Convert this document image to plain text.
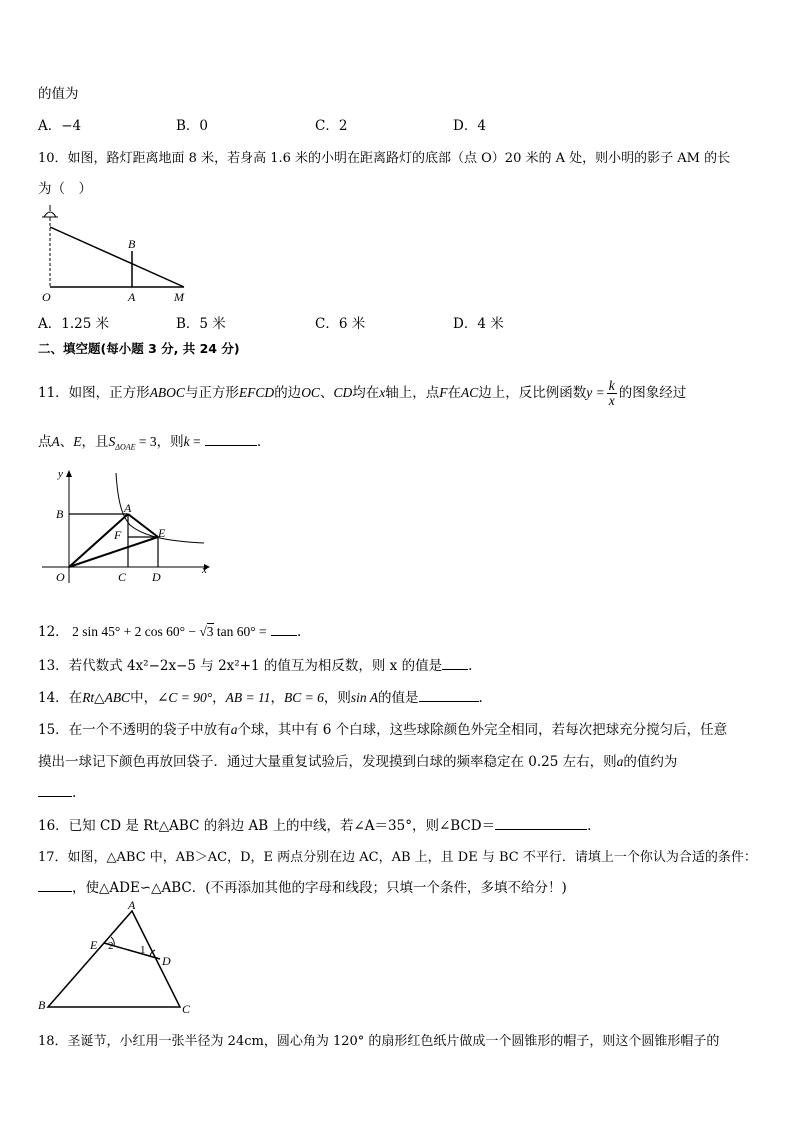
的值为
A．−4	B．0	C．2	D．4
10．如图，路灯距离地面 8 米，若身高 1.6 米的小明在距离路灯的底部（点 O）20 米的 A 处，则小明的影子 AM 的长
为（　）
O	A	M
B
A．1.25 米	B．5 米	C．6 米	D．4 米
二、填空题(每小题 3 分, 共 24 分)
11．如图，正方形ABOC与正方形EFCD的边OC、CD均在x轴上，点F在AC边上，反比例函数$y = \frac{k}{x}$ 的图象经过
点A、E，且$S_{\Delta OAE} = 3$，则k =	.
y
x
B	A
F	E
O	C D
12． 2 sin 45° + 2 cos 60° − √3 tan 60° = .
13．若代数式 4x²−2x−5 与 2x²+1 的值互为相反数，则 x 的值是 .
14．在Rt△ABC中，∠C = 90°，AB = 11，BC = 6，则sin A的值是	.
15．在一个不透明的袋子中放有a个球，其中有 6 个白球，这些球除颜色外完全相同，若每次把球充分搅匀后，任意
摸出一球记下颜色再放回袋子．通过大量重复试验后，发现摸到白球的频率稳定在 0.25 左右，则a的值约为
.
16．已知 CD 是 Rt△ABC 的斜边 AB 上的中线，若∠A＝35°，则∠BCD＝	.
17．如图，△ABC 中，AB＞AC，D，E 两点分别在边 AC，AB 上，且 DE 与 BC 不平行．请填上一个你认为合适的条件：
，使△ADE∽△ABC．(不再添加其他的字母和线段；只填一个条件，多填不给分！)
A
E 2 1
D
B	C
18．圣诞节，小红用一张半径为 24cm，圆心角为 120° 的扇形红色纸片做成一个圆锥形的帽子，则这个圆锥形帽子的
